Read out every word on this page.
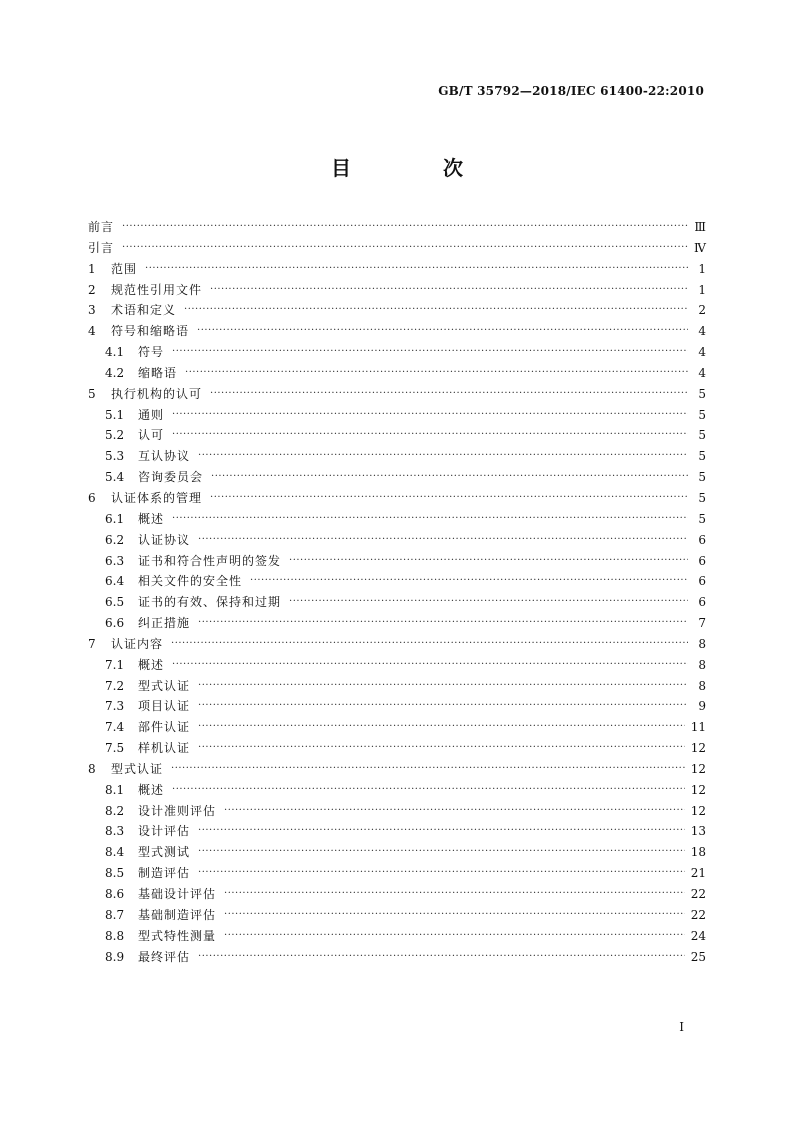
GB/T 35792—2018/IEC 61400-22:2010
目　次
前言 ·····	Ⅲ
引言 ·····	Ⅳ
1	范围 ·····	1
2	规范性引用文件 ·····	1
3	术语和定义 ·····	2
4	符号和缩略语 ·····	4
4.1	符号 ·····	4
4.2	缩略语 ·····	4
5	执行机构的认可 ·····	5
5.1	通则 ·····	5
5.2	认可 ·····	5
5.3	互认协议 ·····	5
5.4	咨询委员会 ·····	5
6	认证体系的管理 ·····	5
6.1	概述 ·····	5
6.2	认证协议 ·····	6
6.3	证书和符合性声明的签发 ·····	6
6.4	相关文件的安全性 ·····	6
6.5	证书的有效、保持和过期 ·····	6
6.6	纠正措施 ·····	7
7	认证内容 ·····	8
7.1	概述 ·····	8
7.2	型式认证 ·····	8
7.3	项目认证 ·····	9
7.4	部件认证 ·····	11
7.5	样机认证 ·····	12
8	型式认证 ·····	12
8.1	概述 ·····	12
8.2	设计准则评估 ·····	12
8.3	设计评估 ·····	13
8.4	型式测试 ·····	18
8.5	制造评估 ·····	21
8.6	基础设计评估 ·····	22
8.7	基础制造评估 ·····	22
8.8	型式特性测量 ·····	24
8.9	最终评估 ·····	25
Ⅰ
